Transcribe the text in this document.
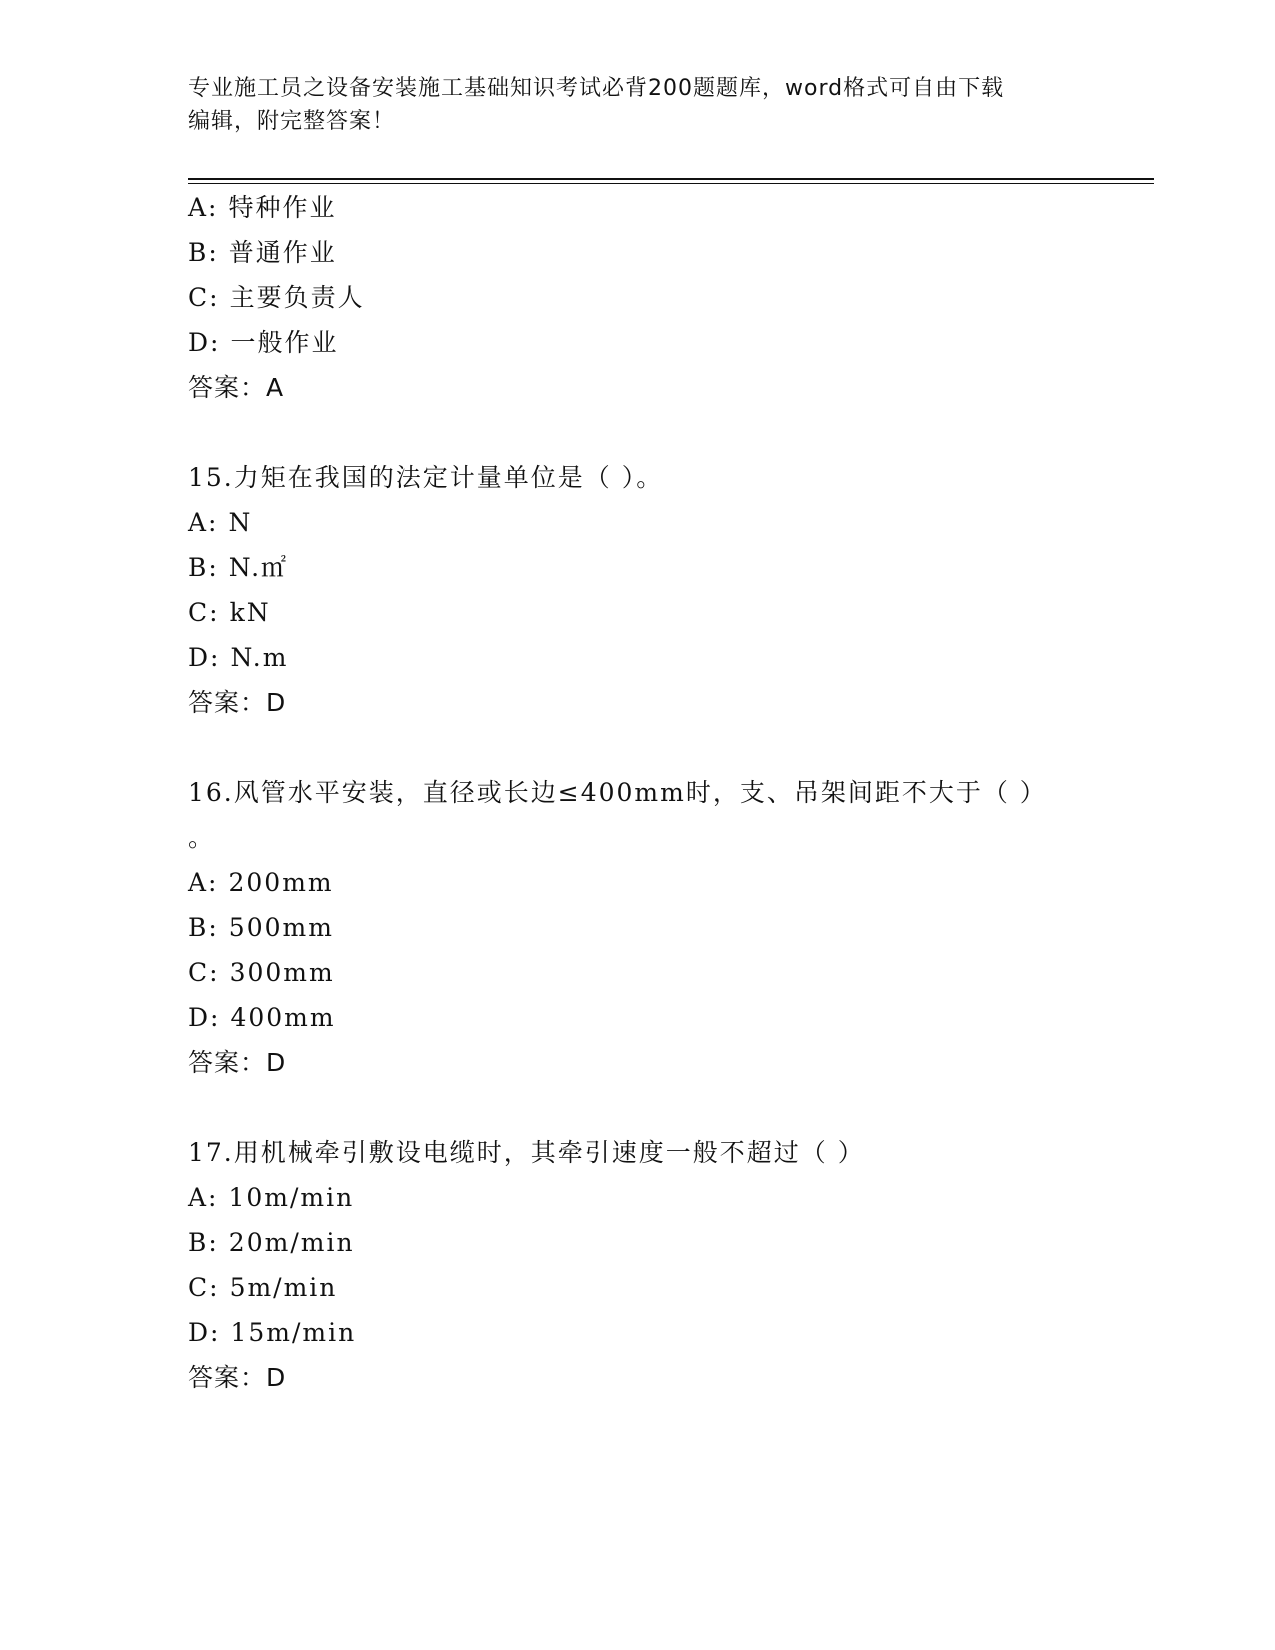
专业施工员之设备安装施工基础知识考试必背200题题库，word格式可自由下载
编辑，附完整答案！
A: 特种作业
B: 普通作业
C: 主要负责人
D: 一般作业
答案：A
15.力矩在我国的法定计量单位是（ ）。
A: N
B: N.㎡
C: kN
D: N.m
答案：D
16.风管水平安装，直径或长边≤400mm时，支、吊架间距不大于（ ）
。
A: 200mm
B: 500mm
C: 300mm
D: 400mm
答案：D
17.用机械牵引敷设电缆时，其牵引速度一般不超过（ ）
A: 10m/min
B: 20m/min
C: 5m/min
D: 15m/min
答案：D
